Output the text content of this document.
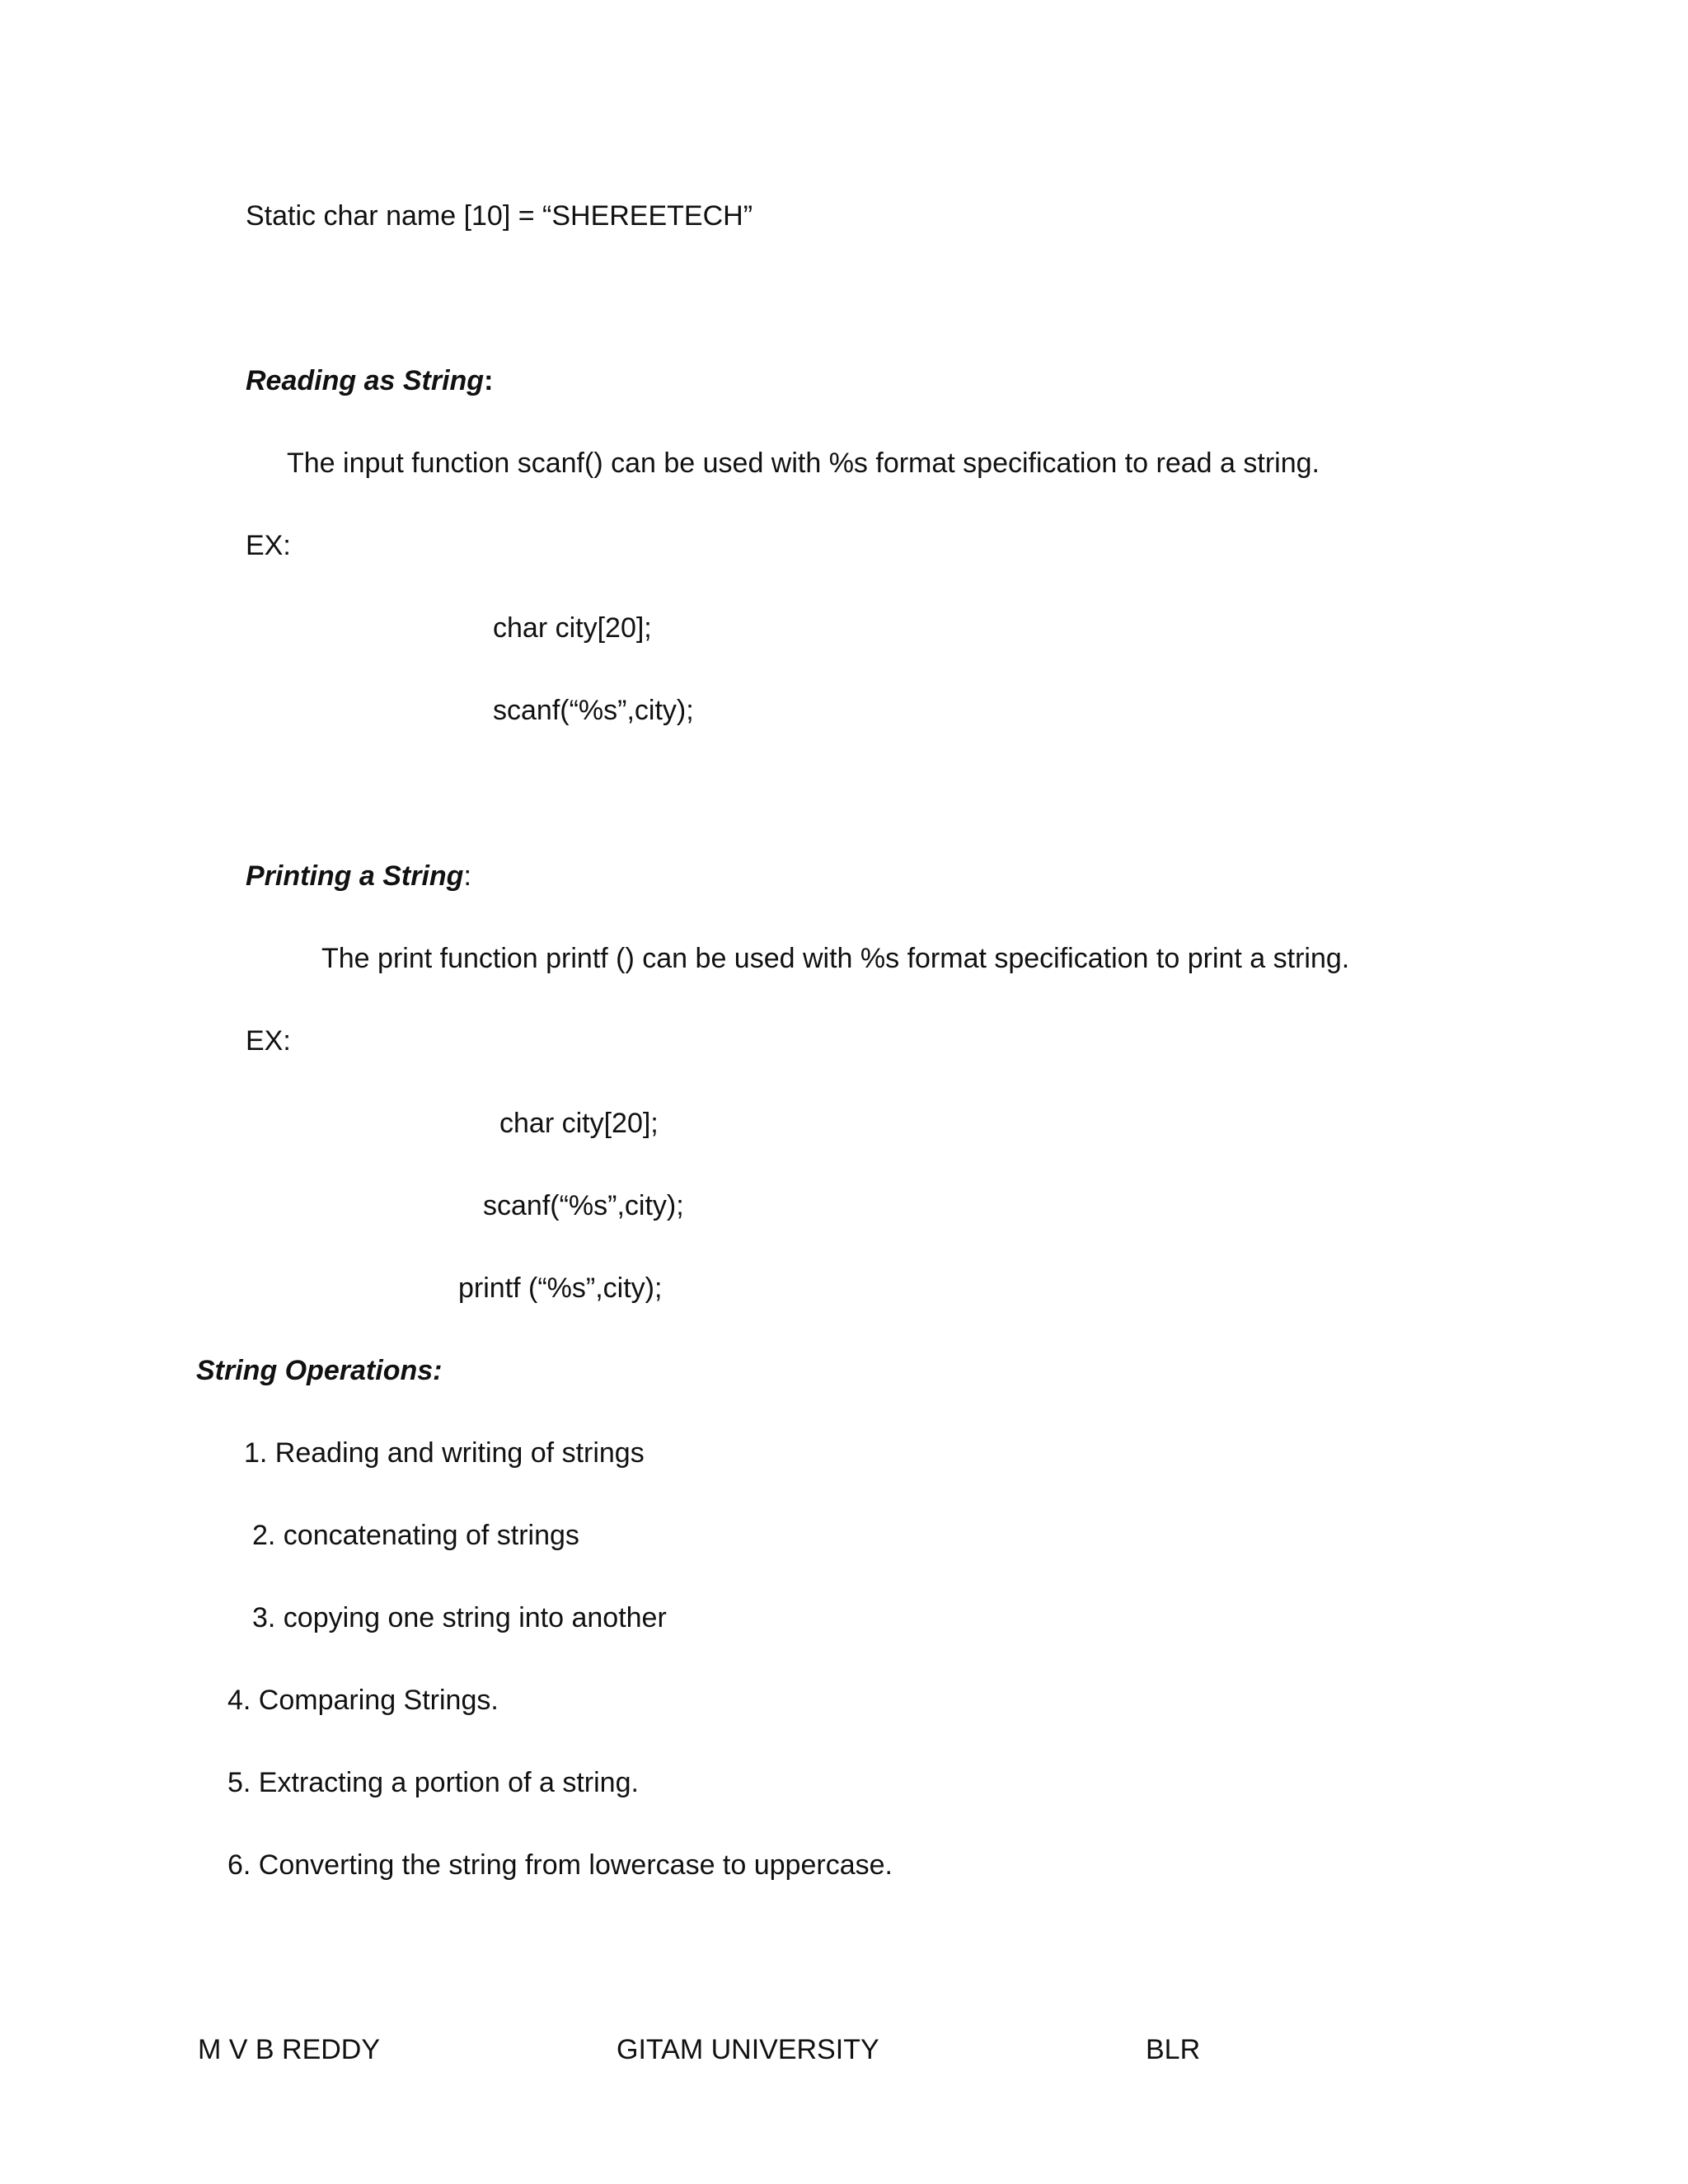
Static char name [10] = “SHEREETECH”
Reading as String:
The input function scanf() can be used with %s format specification to read a string.
EX:
char city[20];
scanf(“%s”,city);
Printing a String:
The print function printf () can be used with %s format specification to print a string.
EX:
char city[20];
scanf(“%s”,city);
printf (“%s”,city);
String Operations:
1. Reading and writing of strings
2. concatenating of strings
3. copying one string into another
4. Comparing Strings.
5. Extracting a portion of a string.
6. Converting the string from lowercase to uppercase.
M V B REDDY	GITAM UNIVERSITY	BLR
